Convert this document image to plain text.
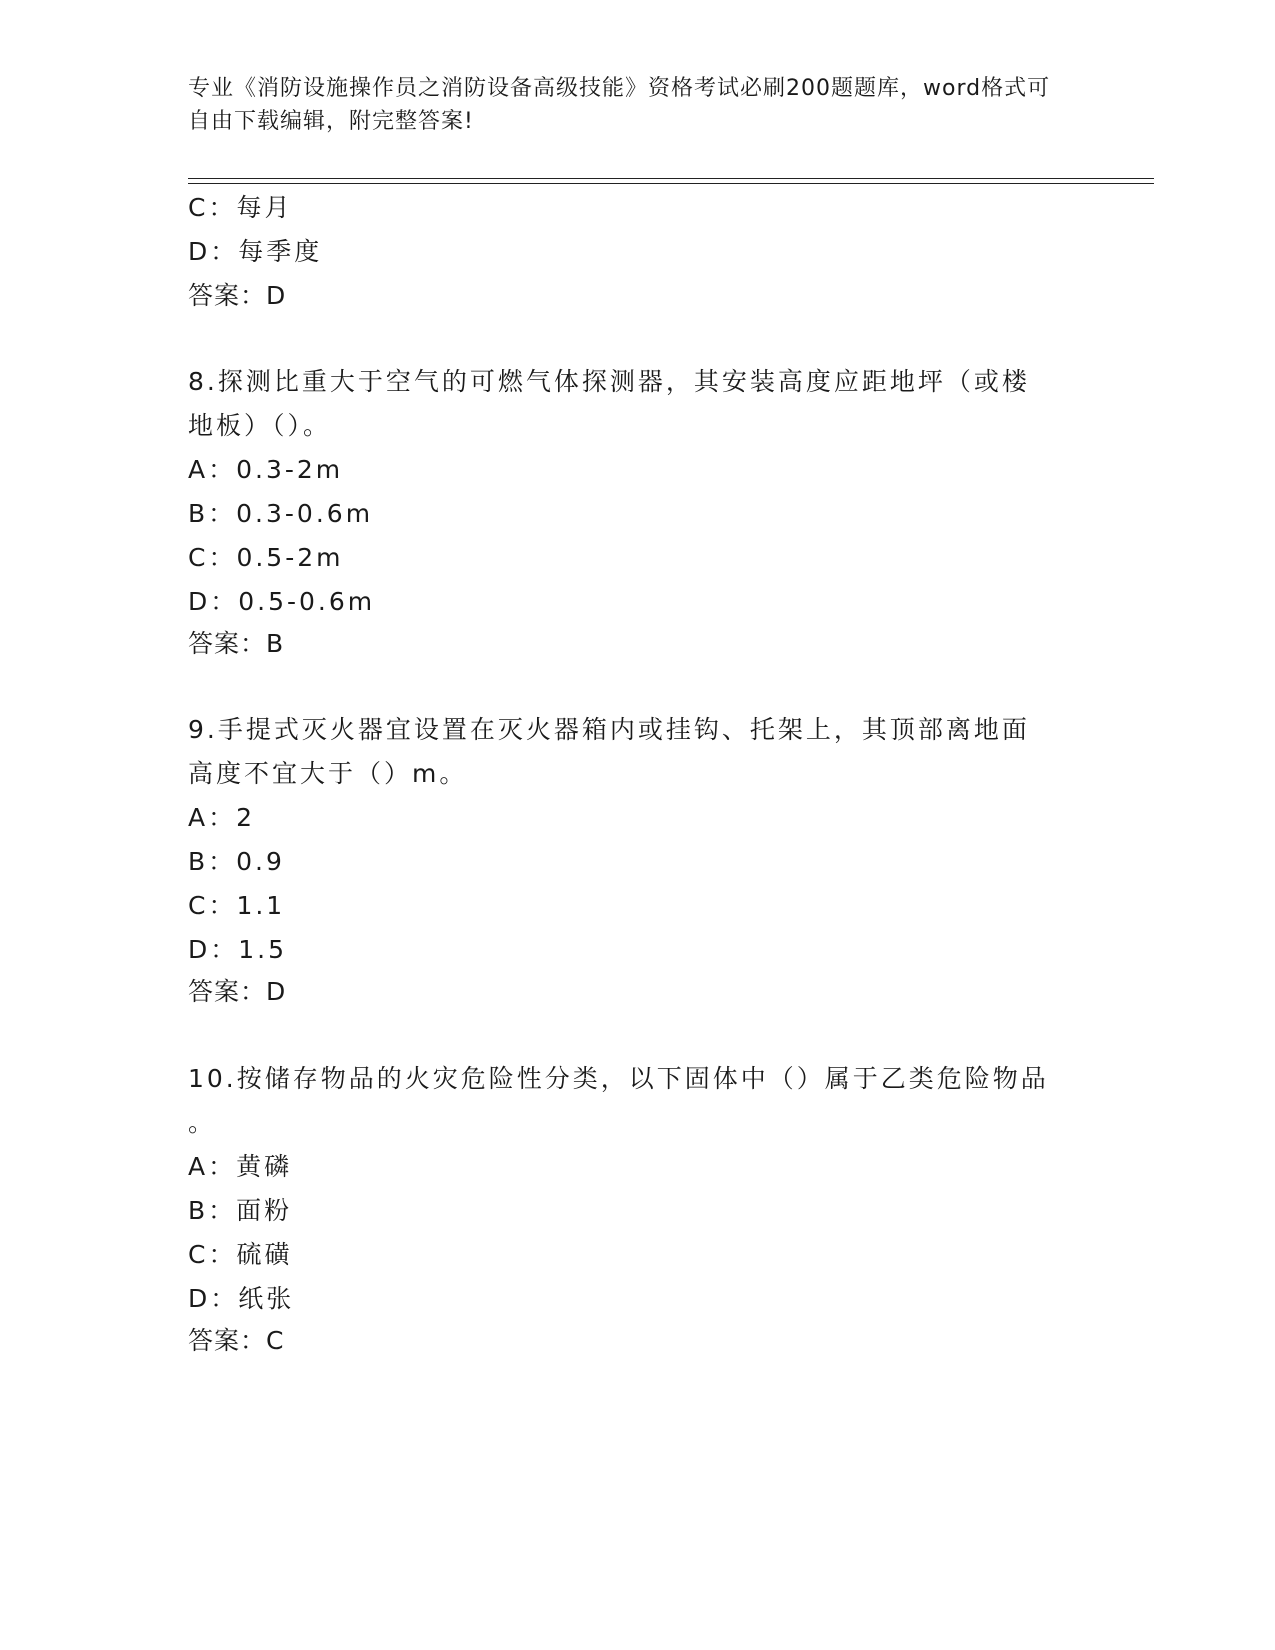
专业《消防设施操作员之消防设备高级技能》资格考试必刷200题题库，word格式可自由下载编辑，附完整答案!
C：每月
D：每季度
答案：D
8.探测比重大于空气的可燃气体探测器，其安装高度应距地坪（或楼
地板）（）。
A：0.3-2m
B：0.3-0.6m
C：0.5-2m
D：0.5-0.6m
答案：B
9.手提式灭火器宜设置在灭火器箱内或挂钩、托架上，其顶部离地面
高度不宜大于（）m。
A：2
B：0.9
C：1.1
D：1.5
答案：D
10.按储存物品的火灾危险性分类，以下固体中（）属于乙类危险物品
。
A：黄磷
B：面粉
C：硫磺
D：纸张
答案：C
